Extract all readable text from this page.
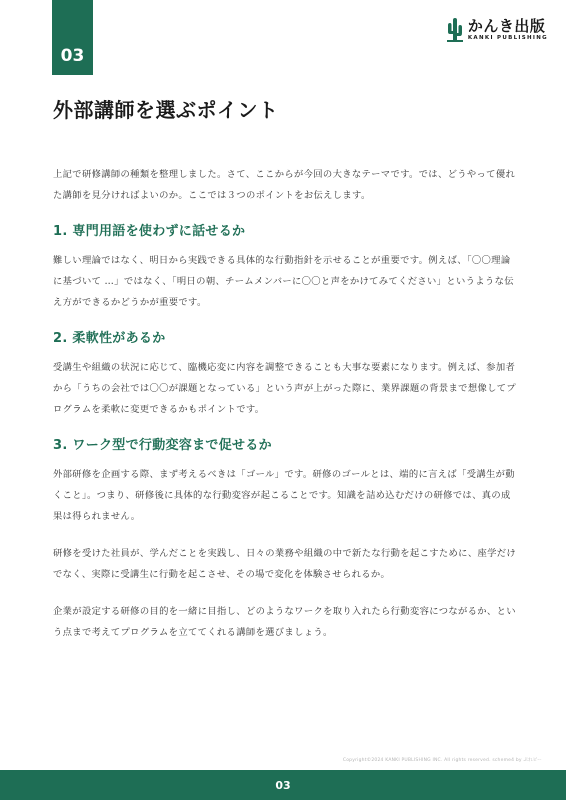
03
かんき出版
KANKI PUBLISHING
外部講師を選ぶポイント

上記で研修講師の種類を整理しました。さて、ここからが今回の大きなテーマです。では、どうやって優れた講師を見分ければよいのか。ここでは３つのポイントをお伝えします。

1. 専門用語を使わずに話せるか

難しい理論ではなく、明日から実践できる具体的な行動指針を示せることが重要です。例えば、「〇〇理論に基づいて …」ではなく、「明日の朝、チームメンバーに〇〇と声をかけてみてください」というような伝え方ができるかどうかが重要です。

2. 柔軟性があるか

受講生や組織の状況に応じて、臨機応変に内容を調整できることも大事な要素になります。例えば、参加者から「うちの会社では〇〇が課題となっている」という声が上がった際に、業界課題の背景まで想像してプログラムを柔軟に変更できるかもポイントです。

3. ワーク型で行動変容まで促せるか

外部研修を企画する際、まず考えるべきは「ゴール」です。研修のゴールとは、端的に言えば「受講生が動くこと」。つまり、研修後に具体的な行動変容が起こることです。知識を詰め込むだけの研修では、真の成果は得られません。

研修を受けた社員が、学んだことを実践し、日々の業務や組織の中で新たな行動を起こすために、座学だけでなく、実際に受講生に行動を起こさせ、その場で変化を体験させられるか。

企業が設定する研修の目的を一緒に目指し、どのようなワークを取り入れたら行動変容につながるか、という点まで考えてプログラムを立ててくれる講師を選びましょう。

Copyright©2024 KANKI PUBLISHING INC. All rights reserved. scheme4 by ぷれピー
03
